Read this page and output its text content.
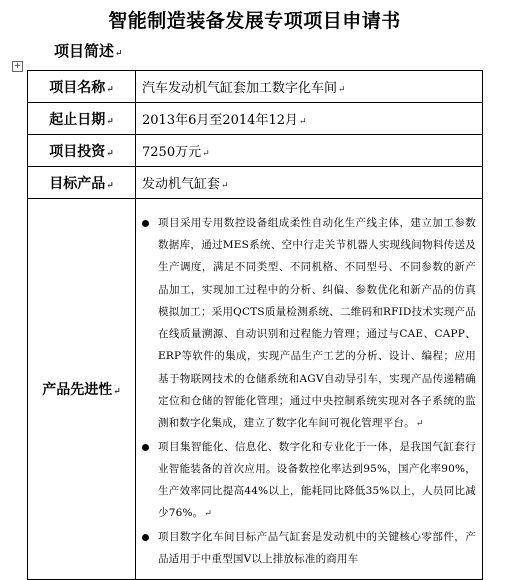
智能制造装备发展专项项目申请书
项目简述↵
+
项目名称↵	汽车发动机气缸套加工数字化车间↵
起止日期↵	2013年6月至2014年12月↵
项目投资↵	7250万元↵
目标产品↵	发动机气缸套↵
产品先进性↵	项目采用专用数控设备组成柔性自动化生产线主体，建立加工参数数据库，通过MES系统、空中行走关节机器人实现线间物料传送及生产调度，满足不同类型、不同机格、不同型号、不同参数的新产品加工，实现加工过程中的分析、纠偏、参数优化和新产品的仿真模拟加工；采用QCTS质量检测系统、二维码和RFID技术实现产品在线质量溯源、自动识别和过程能力管理；通过与CAE、CAPP、ERP等软件的集成，实现产品生产工艺的分析、设计、编程；应用基于物联网技术的仓储系统和AGV自动导引车，实现产品传递精确定位和仓储的智能化管理；通过中央控制系统实现对各子系统的监测和数字化集成，建立了数字化车间可视化管理平台。↵
项目集智能化、信息化、数字化和专业化于一体，是我国气缸套行业智能装备的首次应用。设备数控化率达到95%，国产化率90%，生产效率同比提高44%以上，能耗同比降低35%以上，人员同比减少76%。↵
项目数字化车间目标产品气缸套是发动机中的关键核心零部件，产品适用于中重型国Ⅴ以上排放标准的商用车
